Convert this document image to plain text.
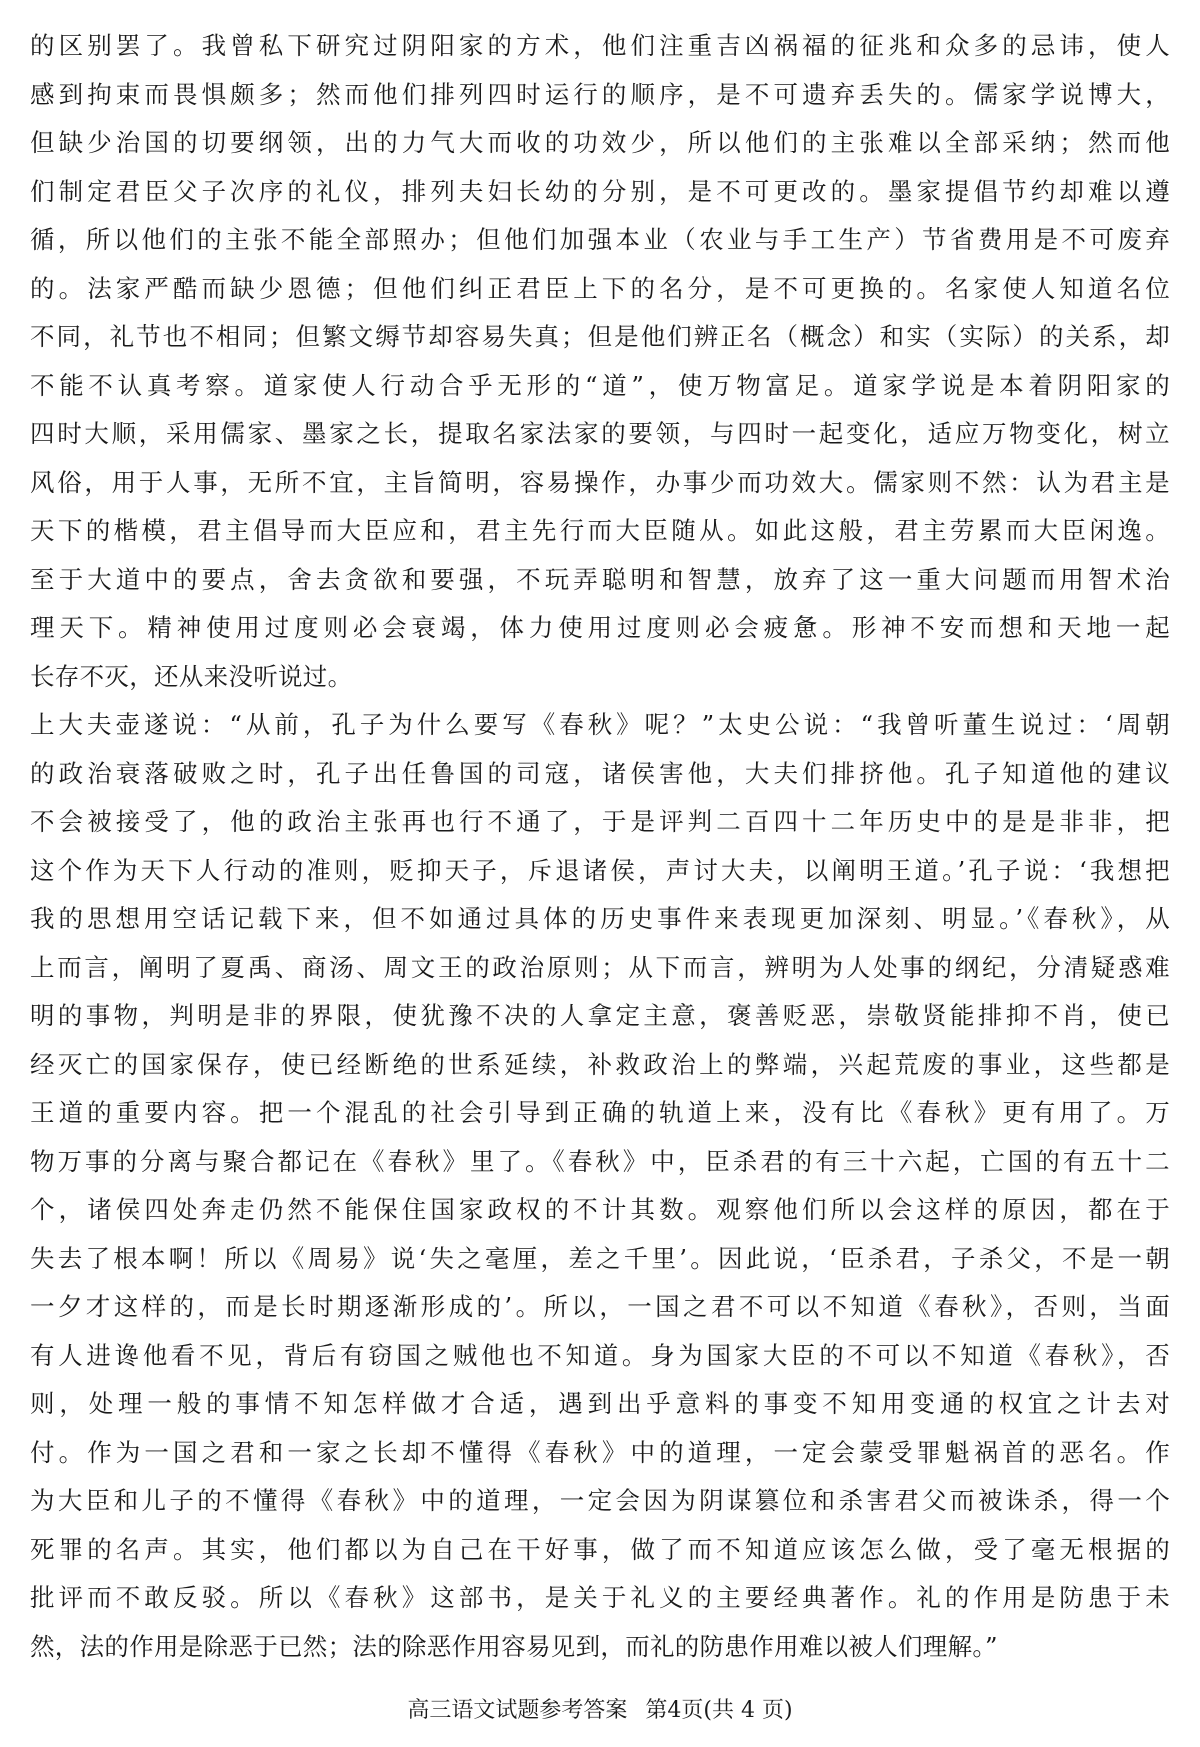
的区别罢了。我曾私下研究过阴阳家的方术，他们注重吉凶祸福的征兆和众多的忌讳，使人
感到拘束而畏惧颇多；然而他们排列四时运行的顺序，是不可遗弃丢失的。儒家学说博大，
但缺少治国的切要纲领，出的力气大而收的功效少，所以他们的主张难以全部采纳；然而他
们制定君臣父子次序的礼仪，排列夫妇长幼的分别，是不可更改的。墨家提倡节约却难以遵
循，所以他们的主张不能全部照办；但他们加强本业（农业与手工生产）节省费用是不可废弃
的。法家严酷而缺少恩德；但他们纠正君臣上下的名分，是不可更换的。名家使人知道名位
不同，礼节也不相同；但繁文缛节却容易失真；但是他们辨正名（概念）和实（实际）的关系，却
不能不认真考察。道家使人行动合乎无形的“道”，使万物富足。道家学说是本着阴阳家的
四时大顺，采用儒家、墨家之长，提取名家法家的要领，与四时一起变化，适应万物变化，树立
风俗，用于人事，无所不宜，主旨简明，容易操作，办事少而功效大。儒家则不然：认为君主是
天下的楷模，君主倡导而大臣应和，君主先行而大臣随从。如此这般，君主劳累而大臣闲逸。
至于大道中的要点，舍去贪欲和要强，不玩弄聪明和智慧，放弃了这一重大问题而用智术治
理天下。精神使用过度则必会衰竭，体力使用过度则必会疲惫。形神不安而想和天地一起
长存不灭，还从来没听说过。
上大夫壶遂说：“从前，孔子为什么要写《春秋》呢？”太史公说：“我曾听董生说过：‘周朝
的政治衰落破败之时，孔子出任鲁国的司寇，诸侯害他，大夫们排挤他。孔子知道他的建议
不会被接受了，他的政治主张再也行不通了，于是评判二百四十二年历史中的是是非非，把
这个作为天下人行动的准则，贬抑天子，斥退诸侯，声讨大夫，以阐明王道。’孔子说：‘我想把
我的思想用空话记载下来，但不如通过具体的历史事件来表现更加深刻、明显。’《春秋》，从
上而言，阐明了夏禹、商汤、周文王的政治原则；从下而言，辨明为人处事的纲纪，分清疑惑难
明的事物，判明是非的界限，使犹豫不决的人拿定主意，褒善贬恶，崇敬贤能排抑不肖，使已
经灭亡的国家保存，使已经断绝的世系延续，补救政治上的弊端，兴起荒废的事业，这些都是
王道的重要内容。把一个混乱的社会引导到正确的轨道上来，没有比《春秋》更有用了。万
物万事的分离与聚合都记在《春秋》里了。《春秋》中，臣杀君的有三十六起，亡国的有五十二
个，诸侯四处奔走仍然不能保住国家政权的不计其数。观察他们所以会这样的原因，都在于
失去了根本啊！所以《周易》说‘失之毫厘，差之千里’。因此说，‘臣杀君，子杀父，不是一朝
一夕才这样的，而是长时期逐渐形成的’。所以，一国之君不可以不知道《春秋》，否则，当面
有人进谗他看不见，背后有窃国之贼他也不知道。身为国家大臣的不可以不知道《春秋》，否
则，处理一般的事情不知怎样做才合适，遇到出乎意料的事变不知用变通的权宜之计去对
付。作为一国之君和一家之长却不懂得《春秋》中的道理，一定会蒙受罪魁祸首的恶名。作
为大臣和儿子的不懂得《春秋》中的道理，一定会因为阴谋篡位和杀害君父而被诛杀，得一个
死罪的名声。其实，他们都以为自己在干好事，做了而不知道应该怎么做，受了毫无根据的
批评而不敢反驳。所以《春秋》这部书，是关于礼义的主要经典著作。礼的作用是防患于未
然，法的作用是除恶于已然；法的除恶作用容易见到，而礼的防患作用难以被人们理解。”
高三语文试题参考答案 第4页(共 4 页)
